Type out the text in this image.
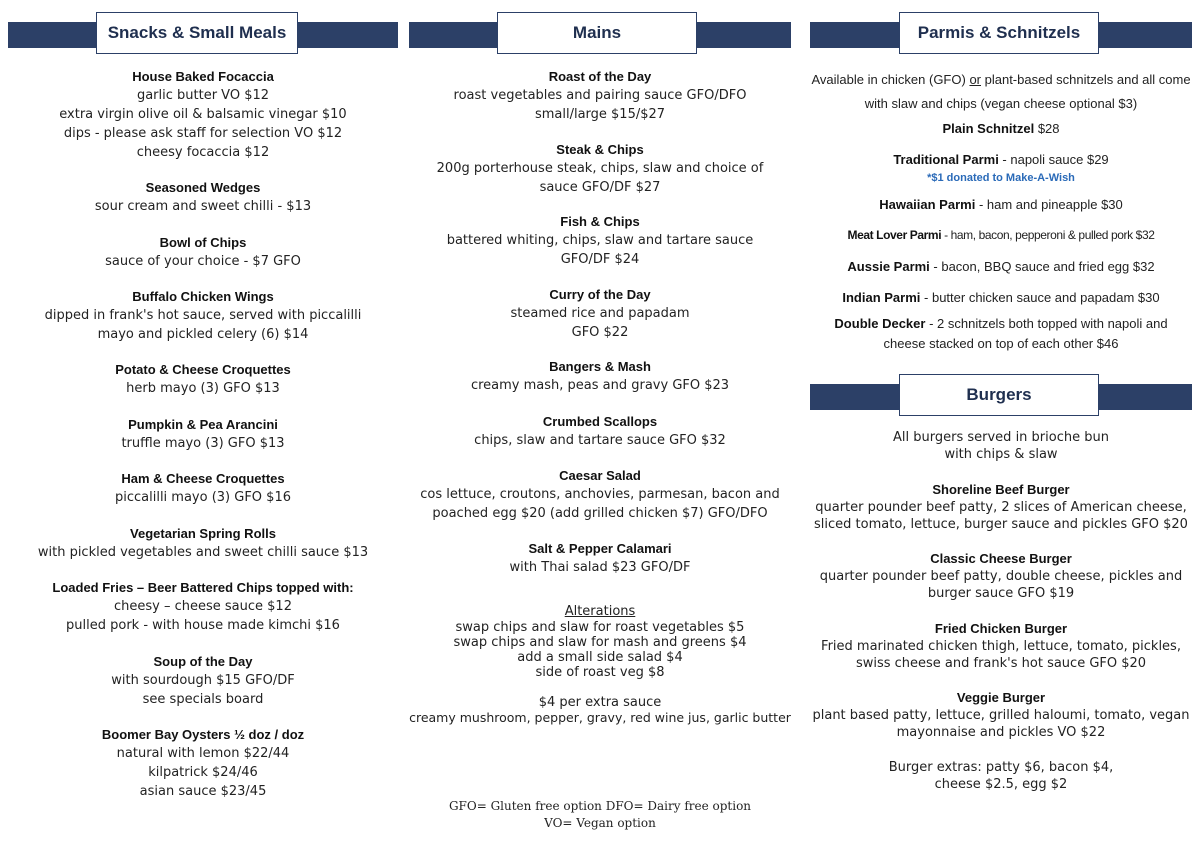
Snacks & Small Meals
House Baked Focaccia
garlic butter VO $12
extra virgin olive oil & balsamic vinegar $10
dips - please ask staff for selection VO $12
cheesy focaccia $12
Seasoned Wedges
sour cream and sweet chilli - $13
Bowl of Chips
sauce of your choice - $7 GFO
Buffalo Chicken Wings
dipped in frank's hot sauce, served with piccalilli
mayo and pickled celery (6) $14
Potato & Cheese Croquettes
herb mayo (3) GFO $13
Pumpkin & Pea Arancini
truffle mayo (3) GFO $13
Ham & Cheese Croquettes
piccalilli mayo (3) GFO $16
Vegetarian Spring Rolls
with pickled vegetables and sweet chilli sauce $13
Loaded Fries – Beer Battered Chips topped with:
cheesy – cheese sauce $12
pulled pork - with house made kimchi $16
Soup of the Day
with sourdough $15 GFO/DF
see specials board
Boomer Bay Oysters ½ doz / doz
natural with lemon $22/44
kilpatrick $24/46
asian sauce $23/45
Mains
Roast of the Day
roast vegetables and pairing sauce GFO/DFO
small/large $15/$27
Steak & Chips
200g porterhouse steak, chips, slaw and choice of
sauce GFO/DF $27
Fish & Chips
battered whiting, chips, slaw and tartare sauce
GFO/DF $24
Curry of the Day
steamed rice and papadam
GFO $22
Bangers & Mash
creamy mash, peas and gravy GFO $23
Crumbed Scallops
chips, slaw and tartare sauce GFO $32
Caesar Salad
cos lettuce, croutons, anchovies, parmesan, bacon and
poached egg $20 (add grilled chicken $7) GFO/DFO
Salt & Pepper Calamari
with Thai salad $23 GFO/DF
Alterations
swap chips and slaw for roast vegetables $5
swap chips and slaw for mash and greens $4
add a small side salad $4
side of roast veg $8
$4 per extra sauce
creamy mushroom, pepper, gravy, red wine jus, garlic butter
GFO= Gluten free option DFO= Dairy free option
VO= Vegan option
Parmis & Schnitzels
Available in chicken (GFO) or plant-based schnitzels and all come
with slaw and chips (vegan cheese optional $3)
Plain Schnitzel $28
Traditional Parmi - napoli sauce $29
*$1 donated to Make-A-Wish
Hawaiian Parmi - ham and pineapple $30
Meat Lover Parmi - ham, bacon, pepperoni & pulled pork $32
Aussie Parmi - bacon, BBQ sauce and fried egg $32
Indian Parmi - butter chicken sauce and papadam $30
Double Decker - 2 schnitzels both topped with napoli and
cheese stacked on top of each other $46
Burgers
All burgers served in brioche bun
with chips & slaw
Shoreline Beef Burger
quarter pounder beef patty, 2 slices of American cheese,
sliced tomato, lettuce, burger sauce and pickles GFO $20
Classic Cheese Burger
quarter pounder beef patty, double cheese, pickles and
burger sauce GFO $19
Fried Chicken Burger
Fried marinated chicken thigh, lettuce, tomato, pickles,
swiss cheese and frank's hot sauce GFO $20
Veggie Burger
plant based patty, lettuce, grilled haloumi, tomato, vegan
mayonnaise and pickles VO $22
Burger extras: patty $6, bacon $4,
cheese $2.5, egg $2
